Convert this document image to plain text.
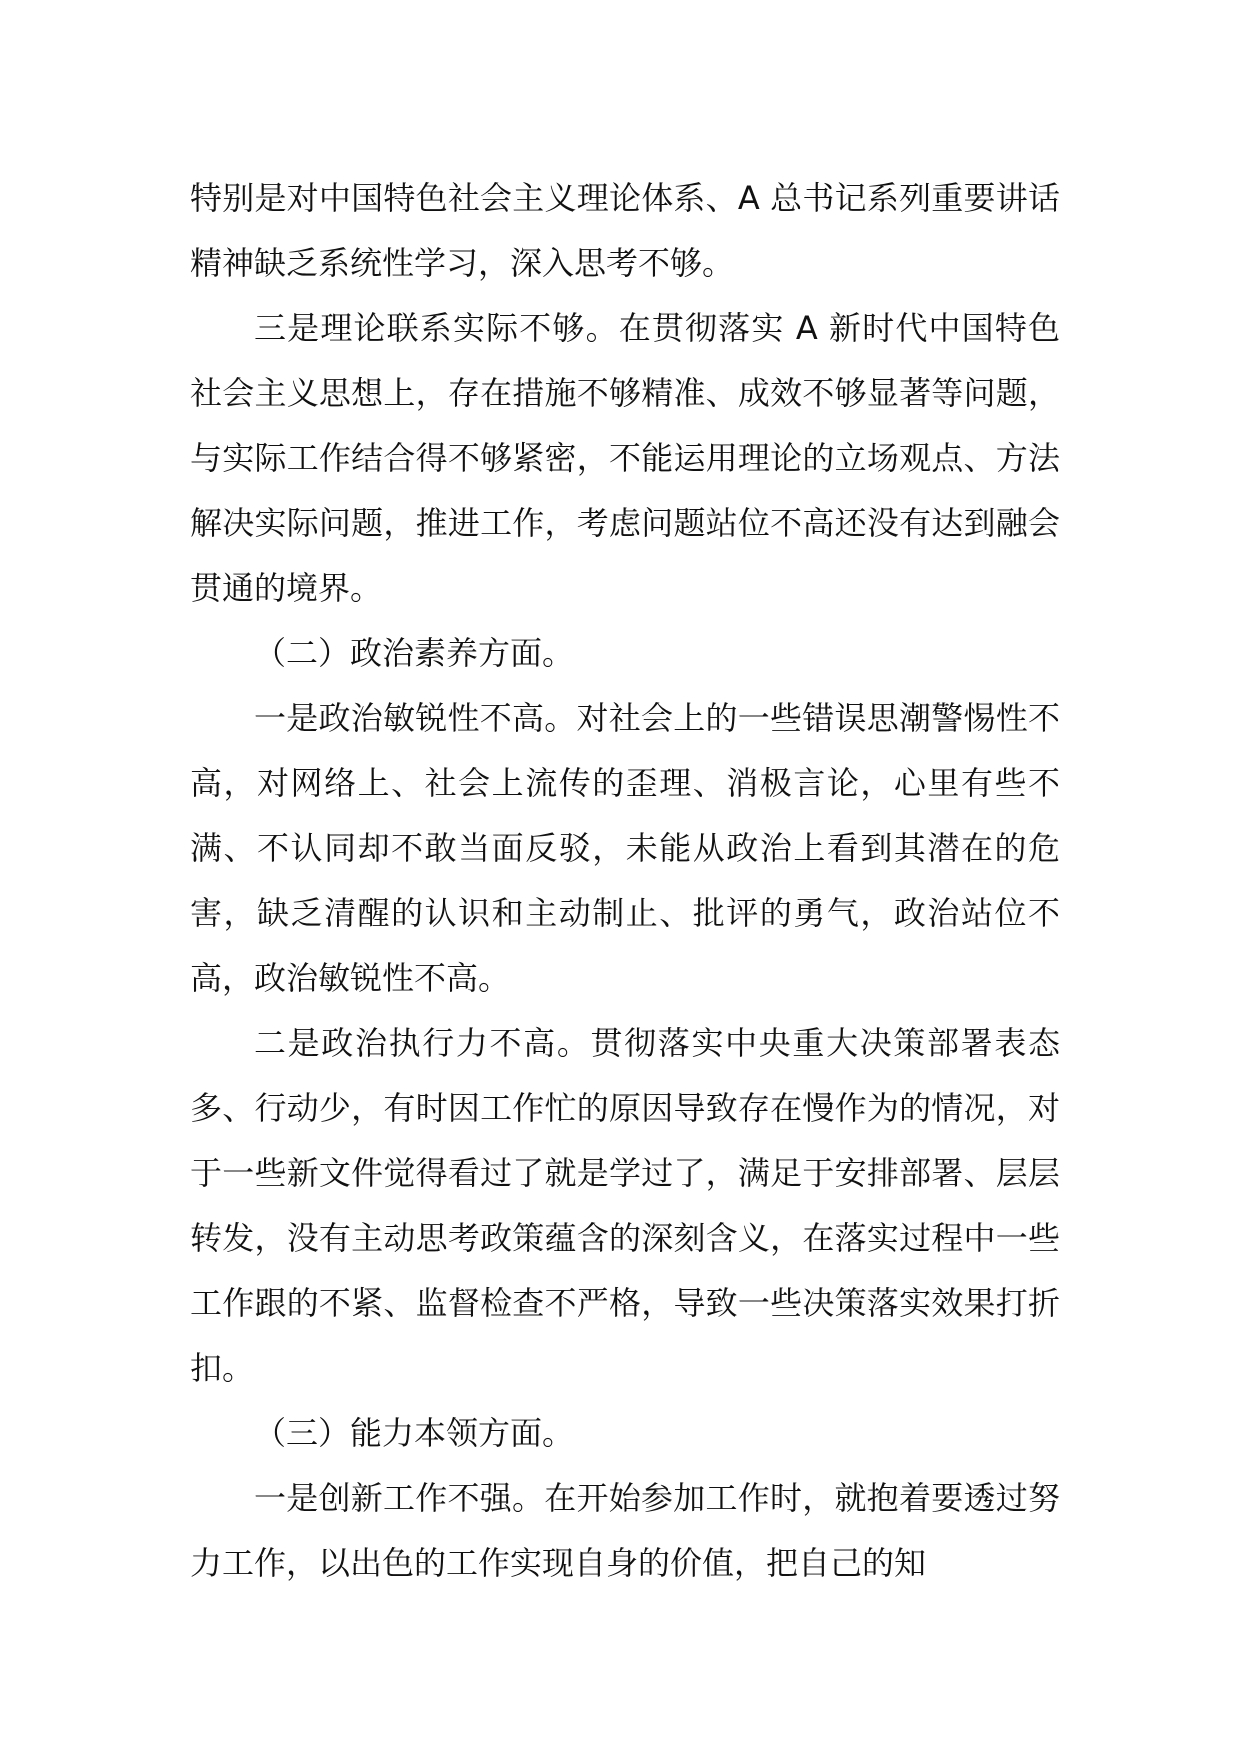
特别是对中国特色社会主义理论体系、A 总书记系列重要讲话精神缺乏系统性学习，深入思考不够。

三是理论联系实际不够。在贯彻落实 A 新时代中国特色社会主义思想上，存在措施不够精准、成效不够显著等问题，与实际工作结合得不够紧密，不能运用理论的立场观点、方法解决实际问题，推进工作，考虑问题站位不高还没有达到融会贯通的境界。

（二）政治素养方面。

一是政治敏锐性不高。对社会上的一些错误思潮警惕性不高，对网络上、社会上流传的歪理、消极言论，心里有些不满、不认同却不敢当面反驳，未能从政治上看到其潜在的危害，缺乏清醒的认识和主动制止、批评的勇气，政治站位不高，政治敏锐性不高。

二是政治执行力不高。贯彻落实中央重大决策部署表态多、行动少，有时因工作忙的原因导致存在慢作为的情况，对于一些新文件觉得看过了就是学过了，满足于安排部署、层层转发，没有主动思考政策蕴含的深刻含义，在落实过程中一些工作跟的不紧、监督检查不严格，导致一些决策落实效果打折扣。

（三）能力本领方面。

一是创新工作不强。在开始参加工作时，就抱着要透过努力工作，以出色的工作实现自身的价值，把自己的知
